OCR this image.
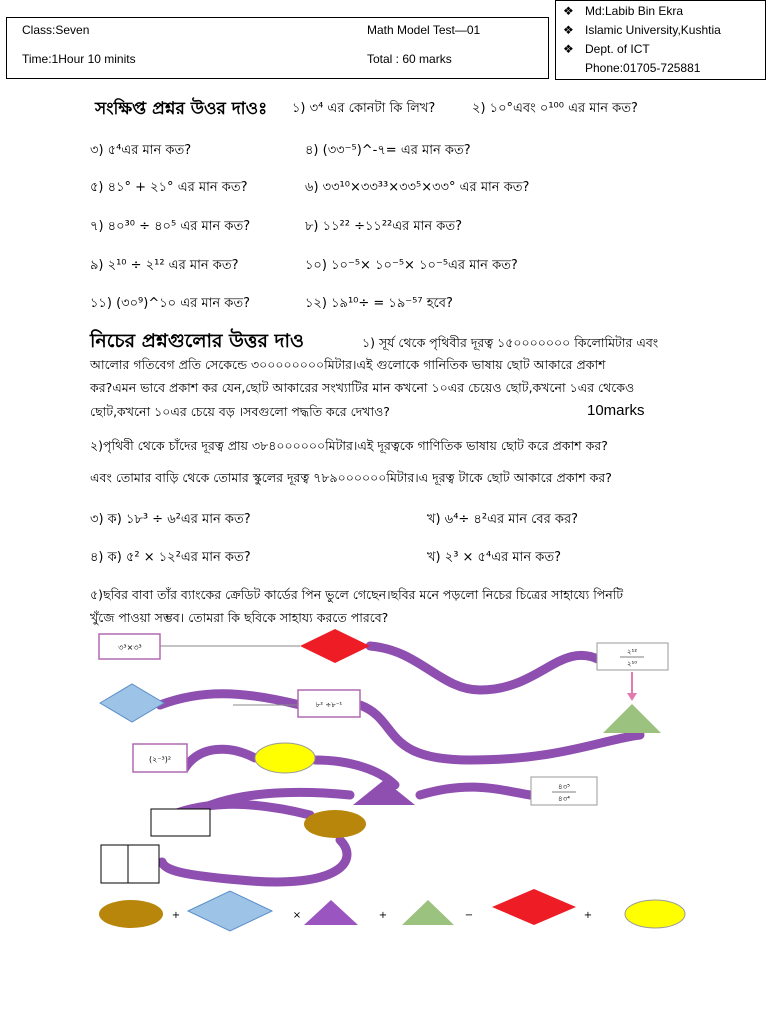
Class:Seven
Time:1Hour 10 minits
Math Model Test—01
Total : 60 marks
❖ Md:Labib Bin Ekra
❖ Islamic University,Kushtia
❖ Dept. of ICT
Phone:01705-725881
সংক্ষিপ্ত প্রশ্নর উওর দাওঃ ১) ৩⁴ এর কোনটা কি লিখ?	২) ১০°এবং ০¹⁰⁰ এর মান কত?
৩) ৫⁴এর মান কত?	৪) (৩৩⁻⁵)^-৭= এর মান কত?
৫) ৪১° + ২১° এর মান কত?	৬) ৩৩¹⁰×৩৩³³×৩৩⁵×৩৩° এর মান কত?
৭) ৪০³⁰ ÷ ৪০⁵ এর মান কত?	৮) ১১²² ÷১১²²এর মান কত?
৯) ২¹⁰ ÷ ২¹² এর মান কত?	১০) ১০⁻⁵× ১০⁻⁵× ১০⁻⁵এর মান কত?
১১) (৩০⁹)^১০ এর মান কত?	১২) ১৯¹⁰÷ = ১৯⁻⁵⁷ হবে?
নিচের প্রশ্নগুলোর উত্তর দাও	১) সূর্য থেকে পৃথিবীর দূরত্ব ১৫০০০০০০০ কিলোমিটার এবং
আলোর গতিবেগ প্রতি সেকেন্ডে ৩০০০০০০০০মিটার।এই গুলোকে গানিতিক ভাষায় ছোট আকারে প্রকাশ
কর?এমন ভাবে প্রকাশ কর যেন,ছোট আকারের সংখ্যাটির মান কখনো ১০এর চেয়েও ছোট,কখনো ১এর থেকেও
ছোট,কখনো ১০এর চেয়ে বড় ।সবগুলো পদ্ধতি করে দেখাও?	10marks
২)পৃথিবী থেকে চাঁদের দূরত্ব প্রায় ৩৮৪০০০০০০মিটার।এই দূরত্বকে গাণিতিক ভাষায় ছোট করে প্রকাশ কর?
এবং তোমার বাড়ি থেকে তোমার স্কুলের দূরত্ব ৭৮৯০০০০০০মিটার।এ দূরত্ব টাকে ছোট আকারে প্রকাশ কর?
৩) ক) ১৮³ ÷ ৬²এর মান কত?	খ) ৬⁴÷ ৪²এর মান বের কর?
৪) ক) ৫² × ১২²এর মান কত?	খ) ২³ × ৫⁴এর মান কত?
৫)ছবির বাবা তাঁর ব্যাংকের ক্রেডিট কার্ডের পিন ভুলে গেছেন।ছবির মনে পড়লো নিচের চিত্রের সাহায্যে পিনটি
খুঁজে পাওয়া সম্ভব। তোমরা কি ছবিকে সাহায্য করতে পারবে?
৩³×৩³	২¹²
২¹⁰
৮² ÷৮⁻¹
(২⁻³)²
৪৩⁵
৪৩⁴
+	×	+	−	+
